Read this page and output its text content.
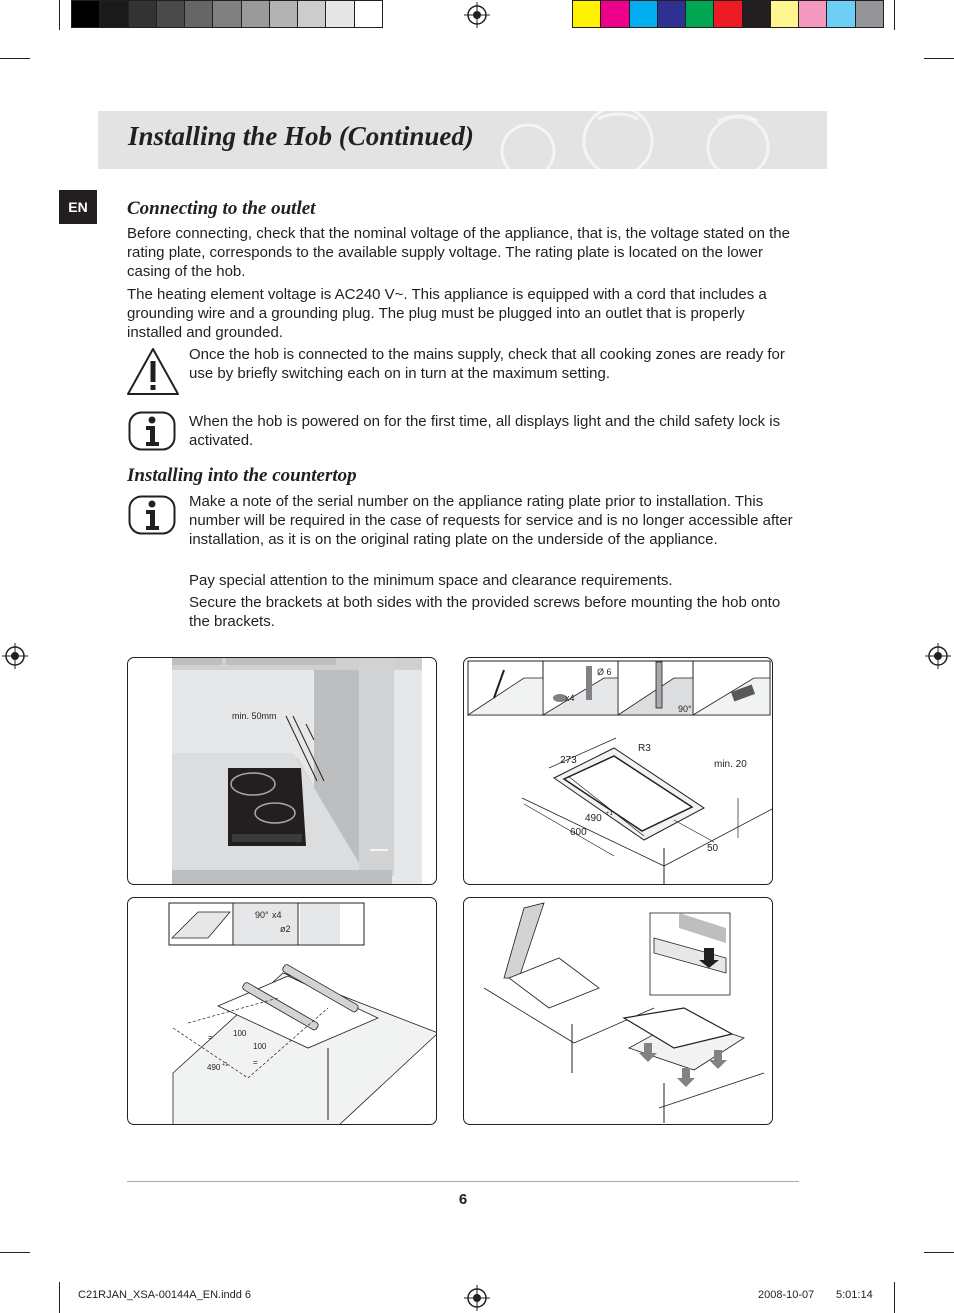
Installing the Hob (Continued)
EN	Connecting to the outlet

Before connecting, check that the nominal voltage of the appliance, that is, the voltage stated on the rating plate, corresponds to the available supply voltage. The rating plate is located on the lower casing of the hob.

The heating element voltage is AC240 V~. This appliance is equipped with a cord that includes a grounding wire and a grounding plug. The plug must be plugged into an outlet that is properly installed and grounded.

Once the hob is connected to the mains supply, check that all cooking zones are ready for use by briefly switching each on in turn at the maximum setting.

When the hob is powered on for the first time, all displays light and the child safety lock is activated.

Installing into the countertop

Make a note of the serial number on the appliance rating plate prior to installation. This number will be required in the case of requests for service and is no longer accessible after installation, as it is on the original rating plate on the underside of the appliance.

Pay special attention to the minimum space and clearance requirements.

Secure the brackets at both sides with the provided screws before mounting the hob onto the brackets.

min. 50mm
Ø 6
x4
90°
273
R3
490 +1
600
min. 20
50
90° x4
ø2
=	100
100
=
490 +1
6
C21RJAN_XSA-00144A_EN.indd 6	2008-10-07 5:01:14
